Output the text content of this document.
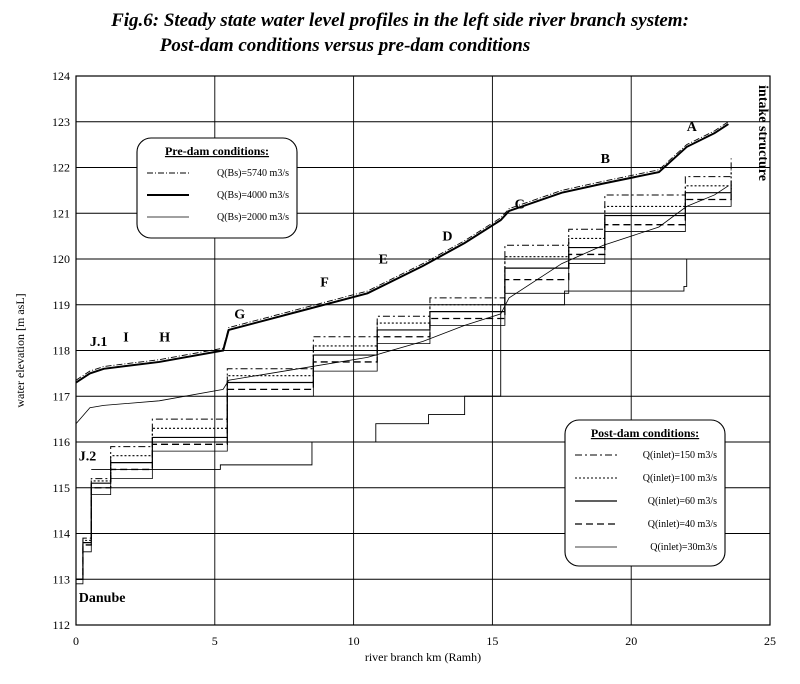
Fig.6: Steady state water level profiles in the left side river branch system:
Post-dam conditions versus pre-dam conditions
112
113
114
115
116
117
118
119
120
121
122
123
124
0	5	10	15	20	25
river branch km (Ramh)
water elevation [m asL]
Danube
J.2
J.1 I H
G
F
E
D
C
B
A	intake structure
Pre-dam conditions:
Q(Bs)=5740 m3/s
Q(Bs)=4000 m3/s
Q(Bs)=2000 m3/s
Post-dam conditions:
Q(inlet)=150 m3/s
Q(inlet)=100 m3/s
Q(inlet)=60 m3/s
Q(inlet)=40 m3/s
Q(inlet)=30m3/s
